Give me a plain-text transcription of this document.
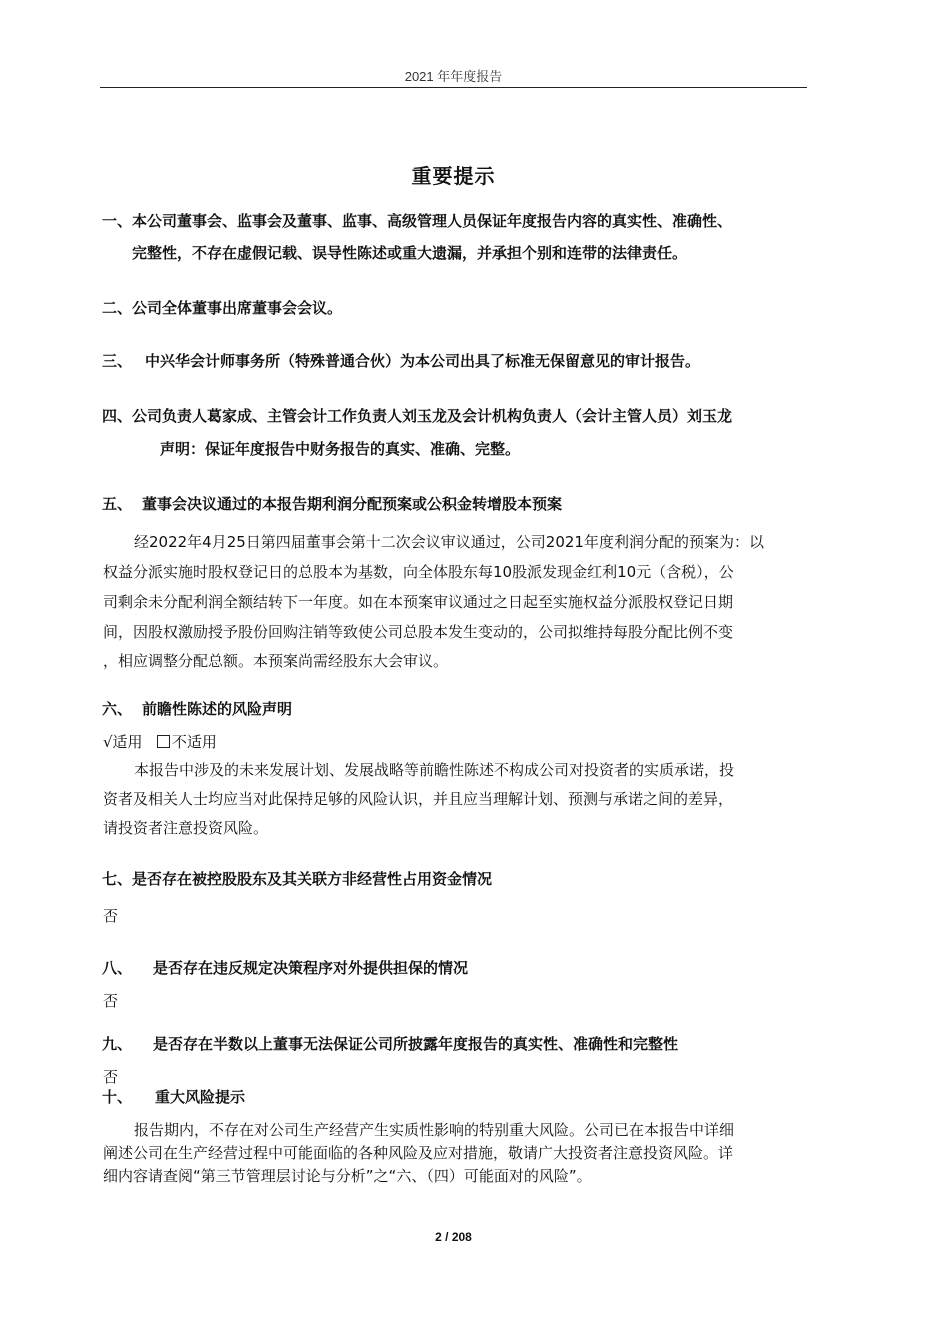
2021 年年度报告
重要提示
一、本公司董事会、监事会及董事、监事、高级管理人员保证年度报告内容的真实性、准确性、
完整性，不存在虚假记载、误导性陈述或重大遗漏，并承担个别和连带的法律责任。
二、公司全体董事出席董事会会议。
三、 中兴华会计师事务所（特殊普通合伙）为本公司出具了标准无保留意见的审计报告。
四、公司负责人葛家成、主管会计工作负责人刘玉龙及会计机构负责人（会计主管人员）刘玉龙
声明：保证年度报告中财务报告的真实、准确、完整。
五、 董事会决议通过的本报告期利润分配预案或公积金转增股本预案
经2022年4月25日第四届董事会第十二次会议审议通过，公司2021年度利润分配的预案为：以
权益分派实施时股权登记日的总股本为基数，向全体股东每10股派发现金红利10元（含税），公
司剩余未分配利润全额结转下一年度。如在本预案审议通过之日起至实施权益分派股权登记日期
间，因股权激励授予股份回购注销等致使公司总股本发生变动的，公司拟维持每股分配比例不变
，相应调整分配总额。本预案尚需经股东大会审议。
六、 前瞻性陈述的风险声明
√适用 不适用
本报告中涉及的未来发展计划、发展战略等前瞻性陈述不构成公司对投资者的实质承诺，投
资者及相关人士均应当对此保持足够的风险认识，并且应当理解计划、预测与承诺之间的差异，
请投资者注意投资风险。
七、是否存在被控股股东及其关联方非经营性占用资金情况
否
八、 是否存在违反规定决策程序对外提供担保的情况
否
九、 是否存在半数以上董事无法保证公司所披露年度报告的真实性、准确性和完整性
否
十、 重大风险提示
报告期内，不存在对公司生产经营产生实质性影响的特别重大风险。公司已在本报告中详细
阐述公司在生产经营过程中可能面临的各种风险及应对措施，敬请广大投资者注意投资风险。详
细内容请查阅“第三节管理层讨论与分析”之“六、（四）可能面对的风险”。
2 / 208
